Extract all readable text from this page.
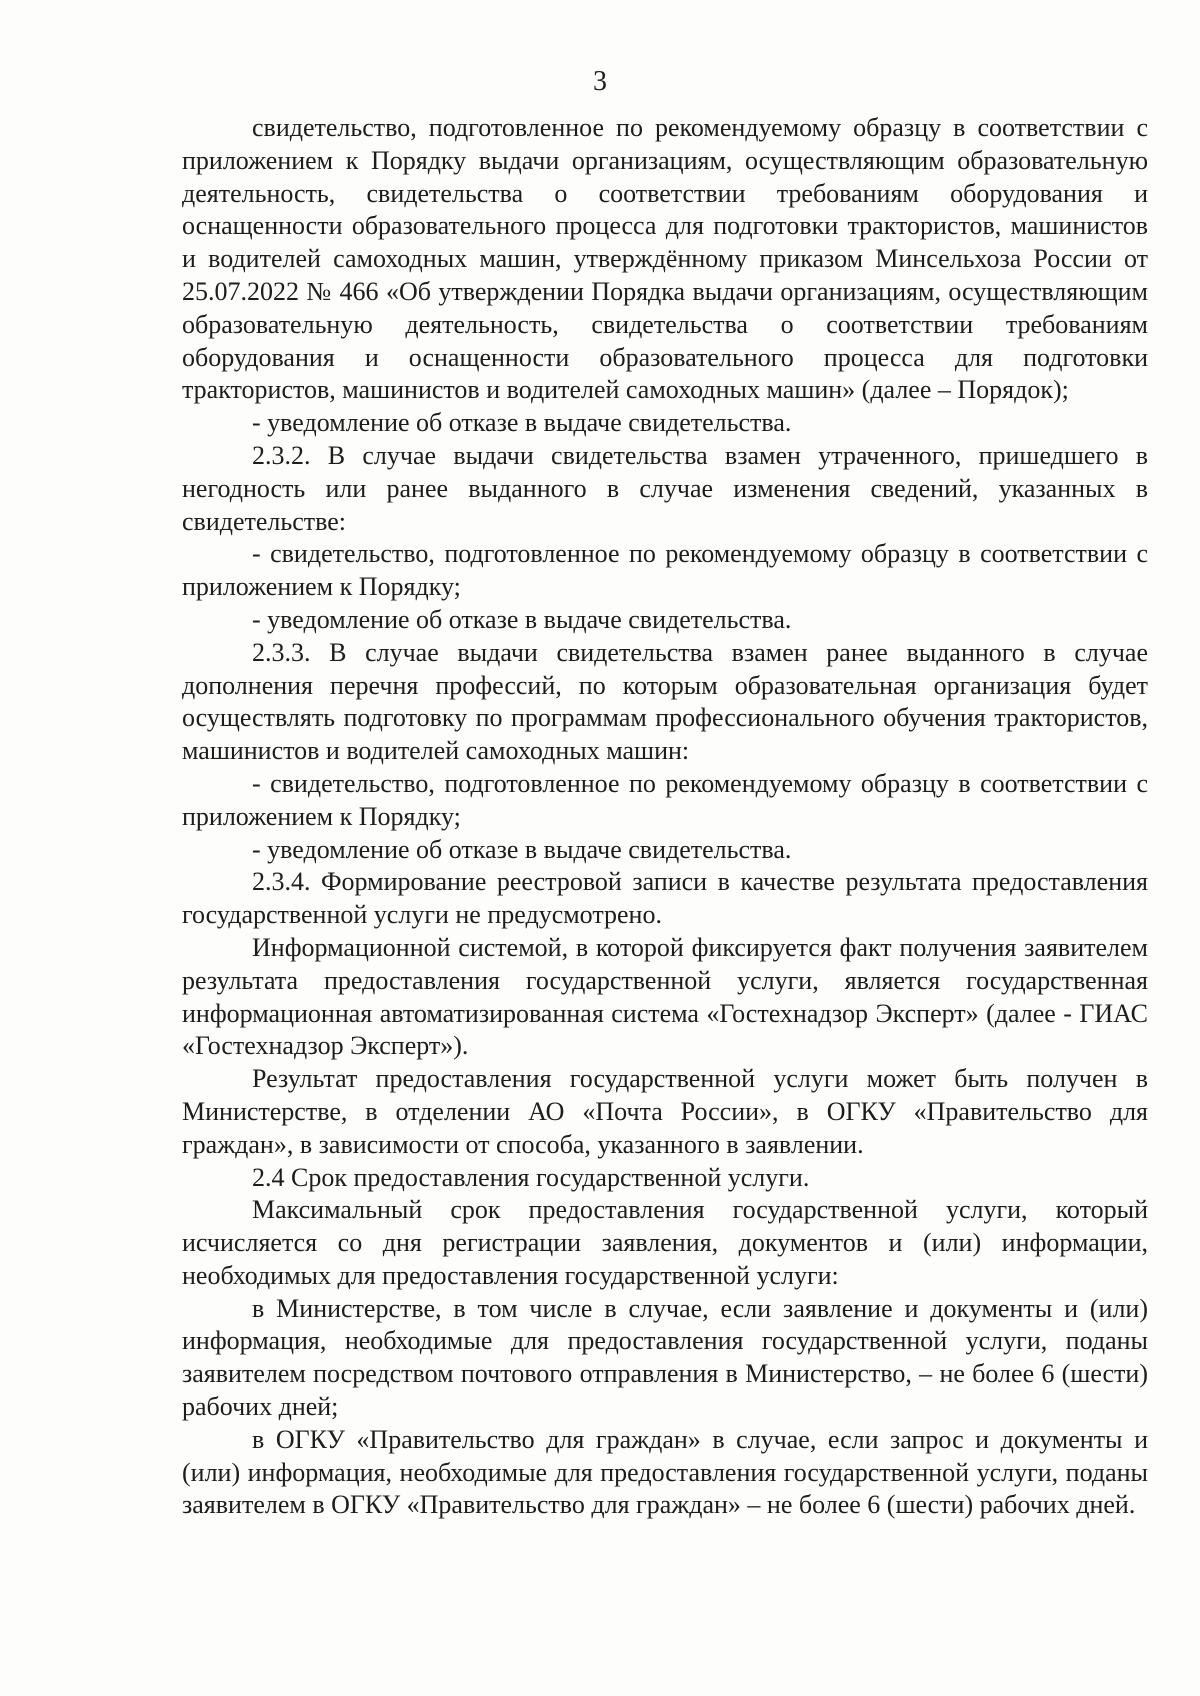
3

свидетельство, подготовленное по рекомендуемому образцу в соответствии с приложением к Порядку выдачи организациям, осуществляющим образовательную деятельность, свидетельства о соответствии требованиям оборудования и оснащенности образовательного процесса для подготовки трактористов, машинистов и водителей самоходных машин, утверждённому приказом Минсельхоза России от 25.07.2022 № 466 «Об утверждении Порядка выдачи организациям, осуществляющим образовательную деятельность, свидетельства о соответствии требованиям оборудования и оснащенности образовательного процесса для подготовки трактористов, машинистов и водителей самоходных машин» (далее – Порядок);

- уведомление об отказе в выдаче свидетельства.

2.3.2. В случае выдачи свидетельства взамен утраченного, пришедшего в негодность или ранее выданного в случае изменения сведений, указанных в свидетельстве:

- свидетельство, подготовленное по рекомендуемому образцу в соответствии с приложением к Порядку;

- уведомление об отказе в выдаче свидетельства.

2.3.3. В случае выдачи свидетельства взамен ранее выданного в случае дополнения перечня профессий, по которым образовательная организация будет осуществлять подготовку по программам профессионального обучения трактористов, машинистов и водителей самоходных машин:

- свидетельство, подготовленное по рекомендуемому образцу в соответствии с приложением к Порядку;

- уведомление об отказе в выдаче свидетельства.

2.3.4. Формирование реестровой записи в качестве результата предоставления государственной услуги не предусмотрено.

Информационной системой, в которой фиксируется факт получения заявителем результата предоставления государственной услуги, является государственная информационная автоматизированная система «Гостехнадзор Эксперт» (далее - ГИАС «Гостехнадзор Эксперт»).

Результат предоставления государственной услуги может быть получен в Министерстве, в отделении АО «Почта России», в ОГКУ «Правительство для граждан», в зависимости от способа, указанного в заявлении.

2.4 Срок предоставления государственной услуги.

Максимальный срок предоставления государственной услуги, который исчисляется со дня регистрации заявления, документов и (или) информации, необходимых для предоставления государственной услуги:

в Министерстве, в том числе в случае, если заявление и документы и (или) информация, необходимые для предоставления государственной услуги, поданы заявителем посредством почтового отправления в Министерство, – не более 6 (шести) рабочих дней;

в ОГКУ «Правительство для граждан» в случае, если запрос и документы и (или) информация, необходимые для предоставления государственной услуги, поданы заявителем в ОГКУ «Правительство для граждан» – не более 6 (шести) рабочих дней.
